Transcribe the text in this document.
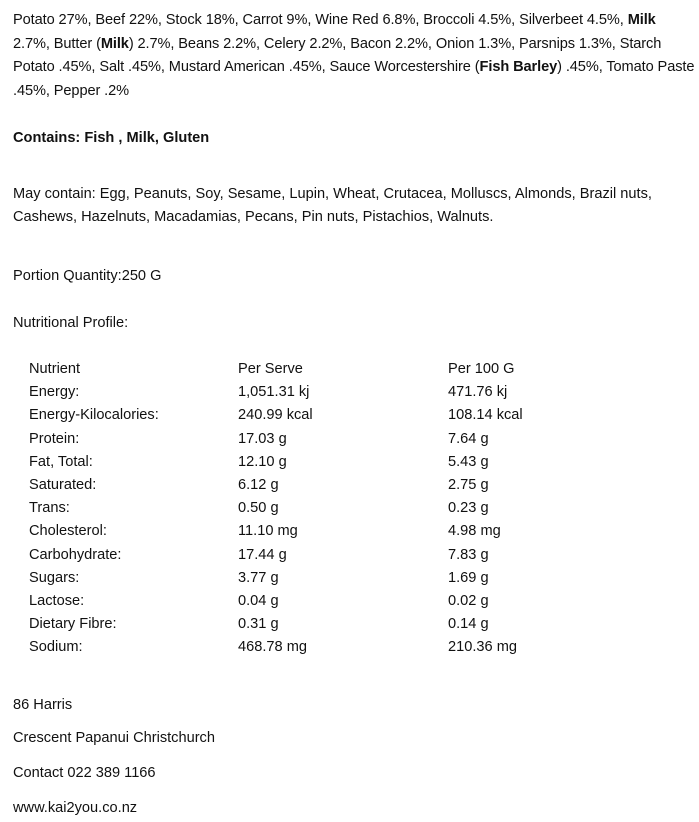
Potato 27%, Beef 22%, Stock 18%, Carrot 9%, Wine Red 6.8%, Broccoli 4.5%, Silverbeet 4.5%, Milk 2.7%, Butter (Milk) 2.7%, Beans 2.2%, Celery 2.2%, Bacon 2.2%, Onion 1.3%, Parsnips 1.3%, Starch Potato .45%, Salt .45%, Mustard American .45%, Sauce Worcestershire (Fish Barley) .45%, Tomato Paste .45%, Pepper .2%

Contains: Fish , Milk, Gluten
May contain: Egg, Peanuts, Soy, Sesame, Lupin, Wheat, Crutacea, Molluscs, Almonds, Brazil nuts, Cashews, Hazelnuts, Macadamias, Pecans, Pin nuts, Pistachios, Walnuts.
Portion Quantity:250 G
Nutritional Profile:
Nutrient	Per Serve	Per 100 G
Energy:	1,051.31 kj	471.76 kj
Energy-Kilocalories:	240.99 kcal	108.14 kcal
Protein:	17.03 g	7.64 g
Fat, Total:	12.10 g	5.43 g
Saturated:	6.12 g	2.75 g
Trans:	0.50 g	0.23 g
Cholesterol:	11.10 mg	4.98 mg
Carbohydrate:	17.44 g	7.83 g
Sugars:	3.77 g	1.69 g
Lactose:	0.04 g	0.02 g
Dietary Fibre:	0.31 g	0.14 g
Sodium:	468.78 mg	210.36 mg
86 Harris
Crescent Papanui Christchurch
Contact 022 389 1166
www.kai2you.co.nz
